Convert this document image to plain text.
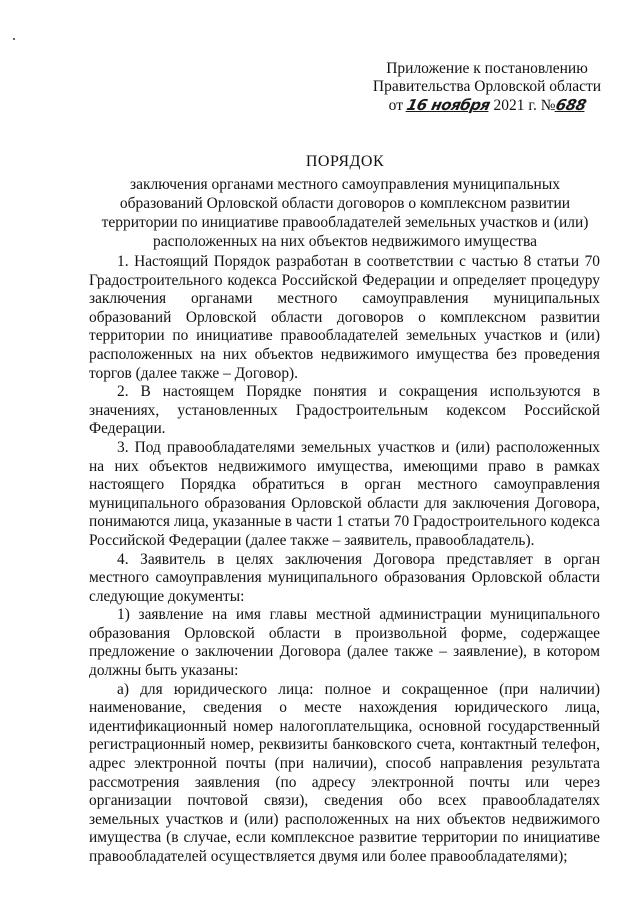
Приложение к постановлению
Правительства Орловской области
от 16 ноября 2021 г. №688
ПОРЯДОК
заключения органами местного самоуправления муниципальных
образований Орловской области договоров о комплексном развитии
территории по инициативе правообладателей земельных участков и (или)
расположенных на них объектов недвижимого имущества

1. Настоящий Порядок разработан в соответствии с частью 8 статьи 70 Градостроительного кодекса Российской Федерации и определяет процедуру заключения органами местного самоуправления муниципальных образований Орловской области договоров о комплексном развитии территории по инициативе правообладателей земельных участков и (или) расположенных на них объектов недвижимого имущества без проведения торгов (далее также – Договор).

2. В настоящем Порядке понятия и сокращения используются в значениях, установленных Градостроительным кодексом Российской Федерации.

3. Под правообладателями земельных участков и (или) расположенных на них объектов недвижимого имущества, имеющими право в рамках настоящего Порядка обратиться в орган местного самоуправления муниципального образования Орловской области для заключения Договора, понимаются лица, указанные в части 1 статьи 70 Градостроительного кодекса Российской Федерации (далее также – заявитель, правообладатель).

4. Заявитель в целях заключения Договора представляет в орган местного самоуправления муниципального образования Орловской области следующие документы:

1) заявление на имя главы местной администрации муниципального образования Орловской области в произвольной форме, содержащее предложение о заключении Договора (далее также – заявление), в котором должны быть указаны:

а) для юридического лица: полное и сокращенное (при наличии) наименование, сведения о месте нахождения юридического лица, идентификационный номер налогоплательщика, основной государственный регистрационный номер, реквизиты банковского счета, контактный телефон, адрес электронной почты (при наличии), способ направления результата рассмотрения заявления (по адресу электронной почты или через организации почтовой связи), сведения обо всех правообладателях земельных участков и (или) расположенных на них объектов недвижимого имущества (в случае, если комплексное развитие территории по инициативе правообладателей осуществляется двумя или более правообладателями);
